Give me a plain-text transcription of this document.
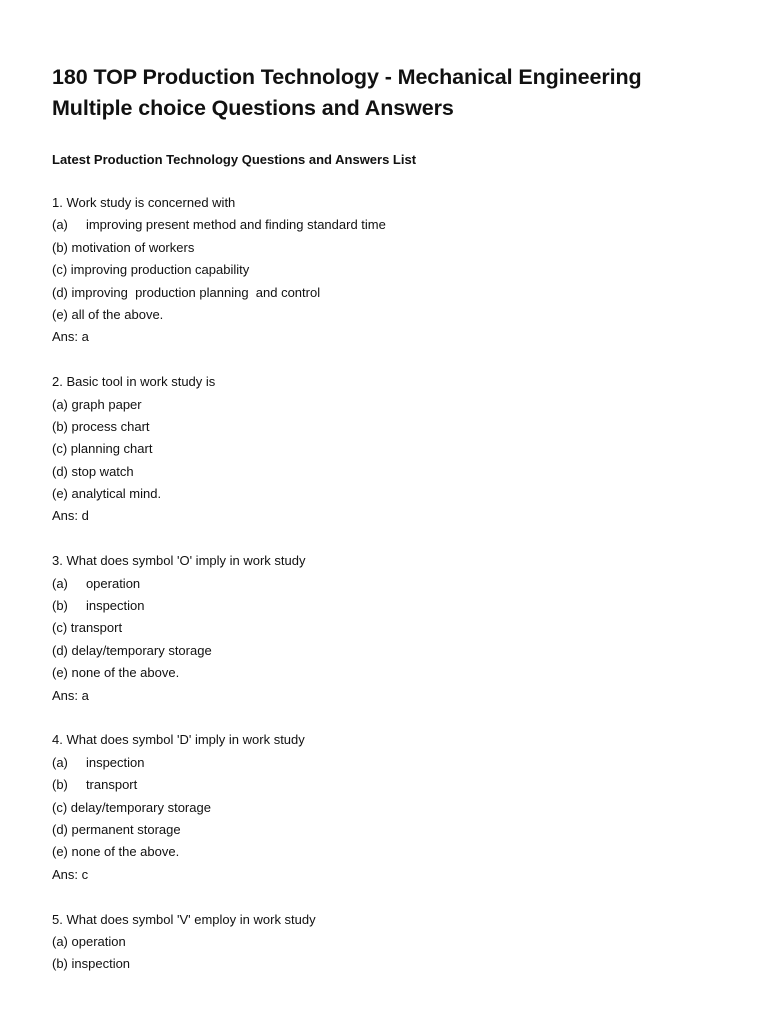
180 TOP Production Technology - Mechanical Engineering
Multiple choice Questions and Answers
Latest Production Technology Questions and Answers List
1. Work study is concerned with
(a)     improving present method and finding standard time
(b) motivation of workers
(c) improving production capability
(d) improving  production planning  and control
(e) all of the above.
Ans: a
2. Basic tool in work study is
(a) graph paper
(b) process chart
(c) planning chart
(d) stop watch
(e) analytical mind.
Ans: d
3. What does symbol 'O' imply in work study
(a)     operation
(b)     inspection
(c) transport
(d) delay/temporary storage
(e) none of the above.
Ans: a
4. What does symbol 'D' imply in work study
(a)     inspection
(b)     transport
(c) delay/temporary storage
(d) permanent storage
(e) none of the above.
Ans: c
5. What does symbol 'V' employ in work study
(a) operation
(b) inspection
